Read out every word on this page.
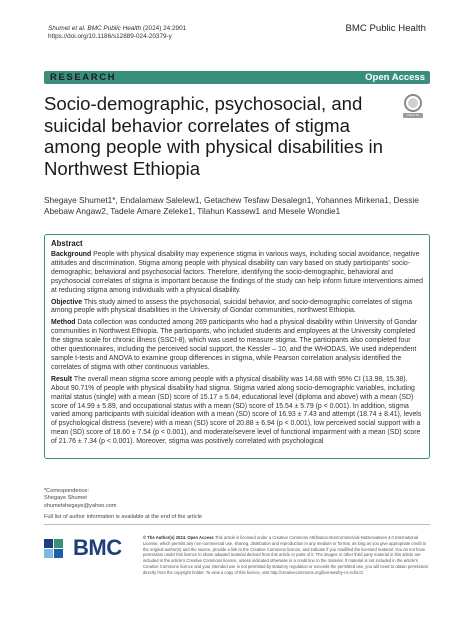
Shumet et al. BMC Public Health (2024) 24:2901
https://doi.org/10.1186/s12889-024-20379-y
BMC Public Health
RESEARCH	Open Access
Check for updates
Socio-demographic, psychosocial, and suicidal behavior correlates of stigma among people with physical disabilities in Northwest Ethiopia
Shegaye Shumet1*, Endalamaw Salelew1, Getachew Tesfaw Desalegn1, Yohannes Mirkena1, Dessie Abebaw Angaw2, Tadele Amare Zeleke1, Tilahun Kassew1 and Mesele Wondie1
Abstract

Background People with physical disability may experience stigma in various ways, including social avoidance, negative attitudes and discrimination. Stigma among people with physical disability can vary based on study participants' socio-demographic, behavioral and psychosocial factors. Therefore, identifying the socio-demographic, behavioral and psychosocial correlates of stigma is important because the findings of the study can help inform future interventions aimed at reducing stigma among individuals with a physical disability.

Objective This study aimed to assess the psychosocial, suicidal behavior, and socio-demographic correlates of stigma among people with physical disabilities in the University of Gondar communities, northwest Ethiopia.

Method Data collection was conducted among 269 participants who had a physical disability within University of Gondar communities in Northwest Ethiopia. The participants, who included students and employees at the University completed the stigma scale for chronic illness (SSCI-8), which was used to measure stigma. The participants also completed four other questionnaires, including the perceived social support, the Kessler – 10, and the WHODAS. We used independent sample t-tests and ANOVA to examine group differences in stigma, while Pearson correlation analysis identified the correlates of stigma with other continuous variables.

Result The overall mean stigma score among people with a physical disability was 14.68 with 95% CI (13.98, 15.38). About 90.71% of people with physical disability had stigma. Stigma varied along socio-demographic variables, including marital status (single) with a mean (SD) score of 15.17 ± 5.64, educational level (diploma and above) with a mean (SD) score of 14.99 ± 5.89, and occupational status with a mean (SD) score of 15.54 ± 5.79 (p < 0.001). In addition, stigma varied among participants with suicidal ideation with a mean (SD) score of 16.93 ± 7.43 and attempt (18.74 ± 8.41), levels of psychological distress (severe) with a mean (SD) score of 20.88 ± 6.94 (p < 0.001), low perceived social support with a mean (SD) score of 18.60 ± 7.54 (p < 0.001), and moderate/severe level of functional impairment with a mean (SD) score of 21.76 ± 7.34 (p < 0.001). Moreover, stigma was positively correlated with psychological

*Correspondence:
Shegaye Shumet
shumetshegaye@yahoo.com
Full list of author information is available at the end of the article
BMC	© The Author(s) 2024. Open Access This article is licensed under a Creative Commons Attribution-NonCommercial-NoDerivatives 4.0 International License, which permits any non-commercial use, sharing, distribution and reproduction in any medium or format, as long as you give appropriate credit to the original author(s) and the source, provide a link to the Creative Commons licence, and indicate if you modified the licensed material. You do not have permission under this licence to share adapted material derived from this article or parts of it. The images or other third party material in this article are included in the article's Creative Commons licence, unless indicated otherwise in a credit line to the material. If material is not included in the article's Creative Commons licence and your intended use is not permitted by statutory regulation or exceeds the permitted use, you will need to obtain permission directly from the copyright holder. To view a copy of this licence, visit http://creativecommons.org/licenses/by-nc-nd/4.0/.
